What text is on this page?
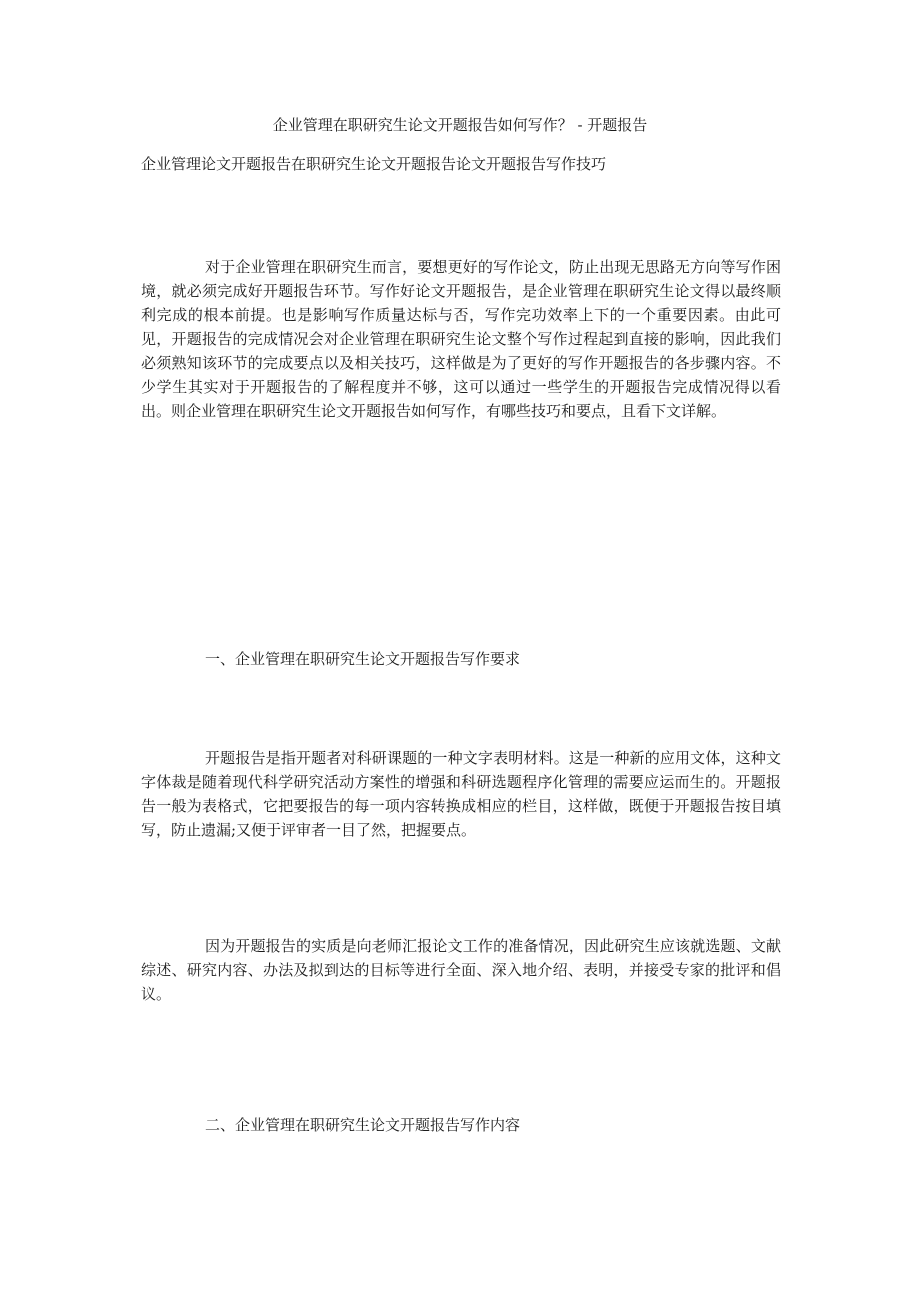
企业管理在职研究生论文开题报告如何写作？ - 开题报告

企业管理论文开题报告在职研究生论文开题报告论文开题报告写作技巧

对于企业管理在职研究生而言，要想更好的写作论文，防止出现无思路无方向等写作困境，就必须完成好开题报告环节。写作好论文开题报告，是企业管理在职研究生论文得以最终顺利完成的根本前提。也是影响写作质量达标与否，写作完功效率上下的一个重要因素。由此可见，开题报告的完成情况会对企业管理在职研究生论文整个写作过程起到直接的影响，因此我们必须熟知该环节的完成要点以及相关技巧，这样做是为了更好的写作开题报告的各步骤内容。不少学生其实对于开题报告的了解程度并不够，这可以通过一些学生的开题报告完成情况得以看出。则企业管理在职研究生论文开题报告如何写作，有哪些技巧和要点，且看下文详解。

一、企业管理在职研究生论文开题报告写作要求

开题报告是指开题者对科研课题的一种文字表明材料。这是一种新的应用文体，这种文字体裁是随着现代科学研究活动方案性的增强和科研选题程序化管理的需要应运而生的。开题报告一般为表格式，它把要报告的每一项内容转换成相应的栏目，这样做，既便于开题报告按目填写，防止遗漏;又便于评审者一目了然，把握要点。

因为开题报告的实质是向老师汇报论文工作的准备情况，因此研究生应该就选题、文献综述、研究内容、办法及拟到达的目标等进行全面、深入地介绍、表明，并接受专家的批评和倡议。

二、企业管理在职研究生论文开题报告写作内容
